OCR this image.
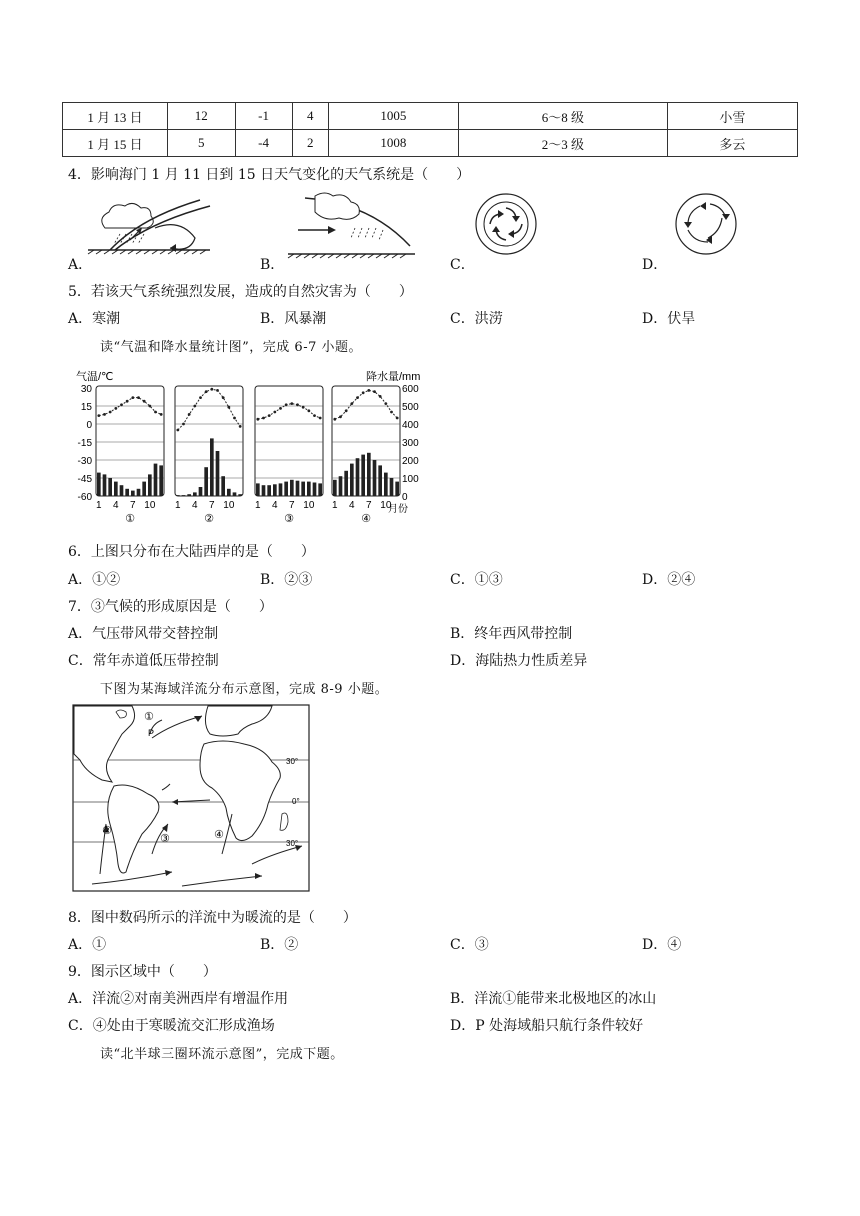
1 月 13 日	12	-1	4	1005	6～8 级	小雪
1 月 15 日	5	-4	2	1008	2～3 级	多云
4．影响海门 1 月 11 日到 15 日天气变化的天气系统是（　　）
A．	B．	C．	D．
5．若该天气系统强烈发展，造成的自然灾害为（　　）
A．寒潮	B．风暴潮	C．洪涝	D．伏旱
读“气温和降水量统计图”，完成 6-7 小题。
气温/℃	降水量/mm
月份
30
15
0
-15
-30
-45
-60
600
500
400
300
200
100
0
1 4 7 10
①
1 4 7 10
②
1 4 7 10
③
1 4 7 10
④
6．上图只分布在大陆西岸的是（　　）
A．①②	B．②③	C．①③	D．②④
7．③气候的形成原因是（　　）
A．气压带风带交替控制	B．终年西风带控制
C．常年赤道低压带控制	D．海陆热力性质差异
下图为某海域洋流分布示意图，完成 8-9 小题。
30°
0°
30°
①
②
③	④
P
8．图中数码所示的洋流中为暖流的是（　　）
A．①	B．②	C．③	D．④
9．图示区域中（　　）
A．洋流②对南美洲西岸有增温作用	B．洋流①能带来北极地区的冰山
C．④处由于寒暖流交汇形成渔场	D．P 处海域船只航行条件较好
读“北半球三圈环流示意图”，完成下题。
